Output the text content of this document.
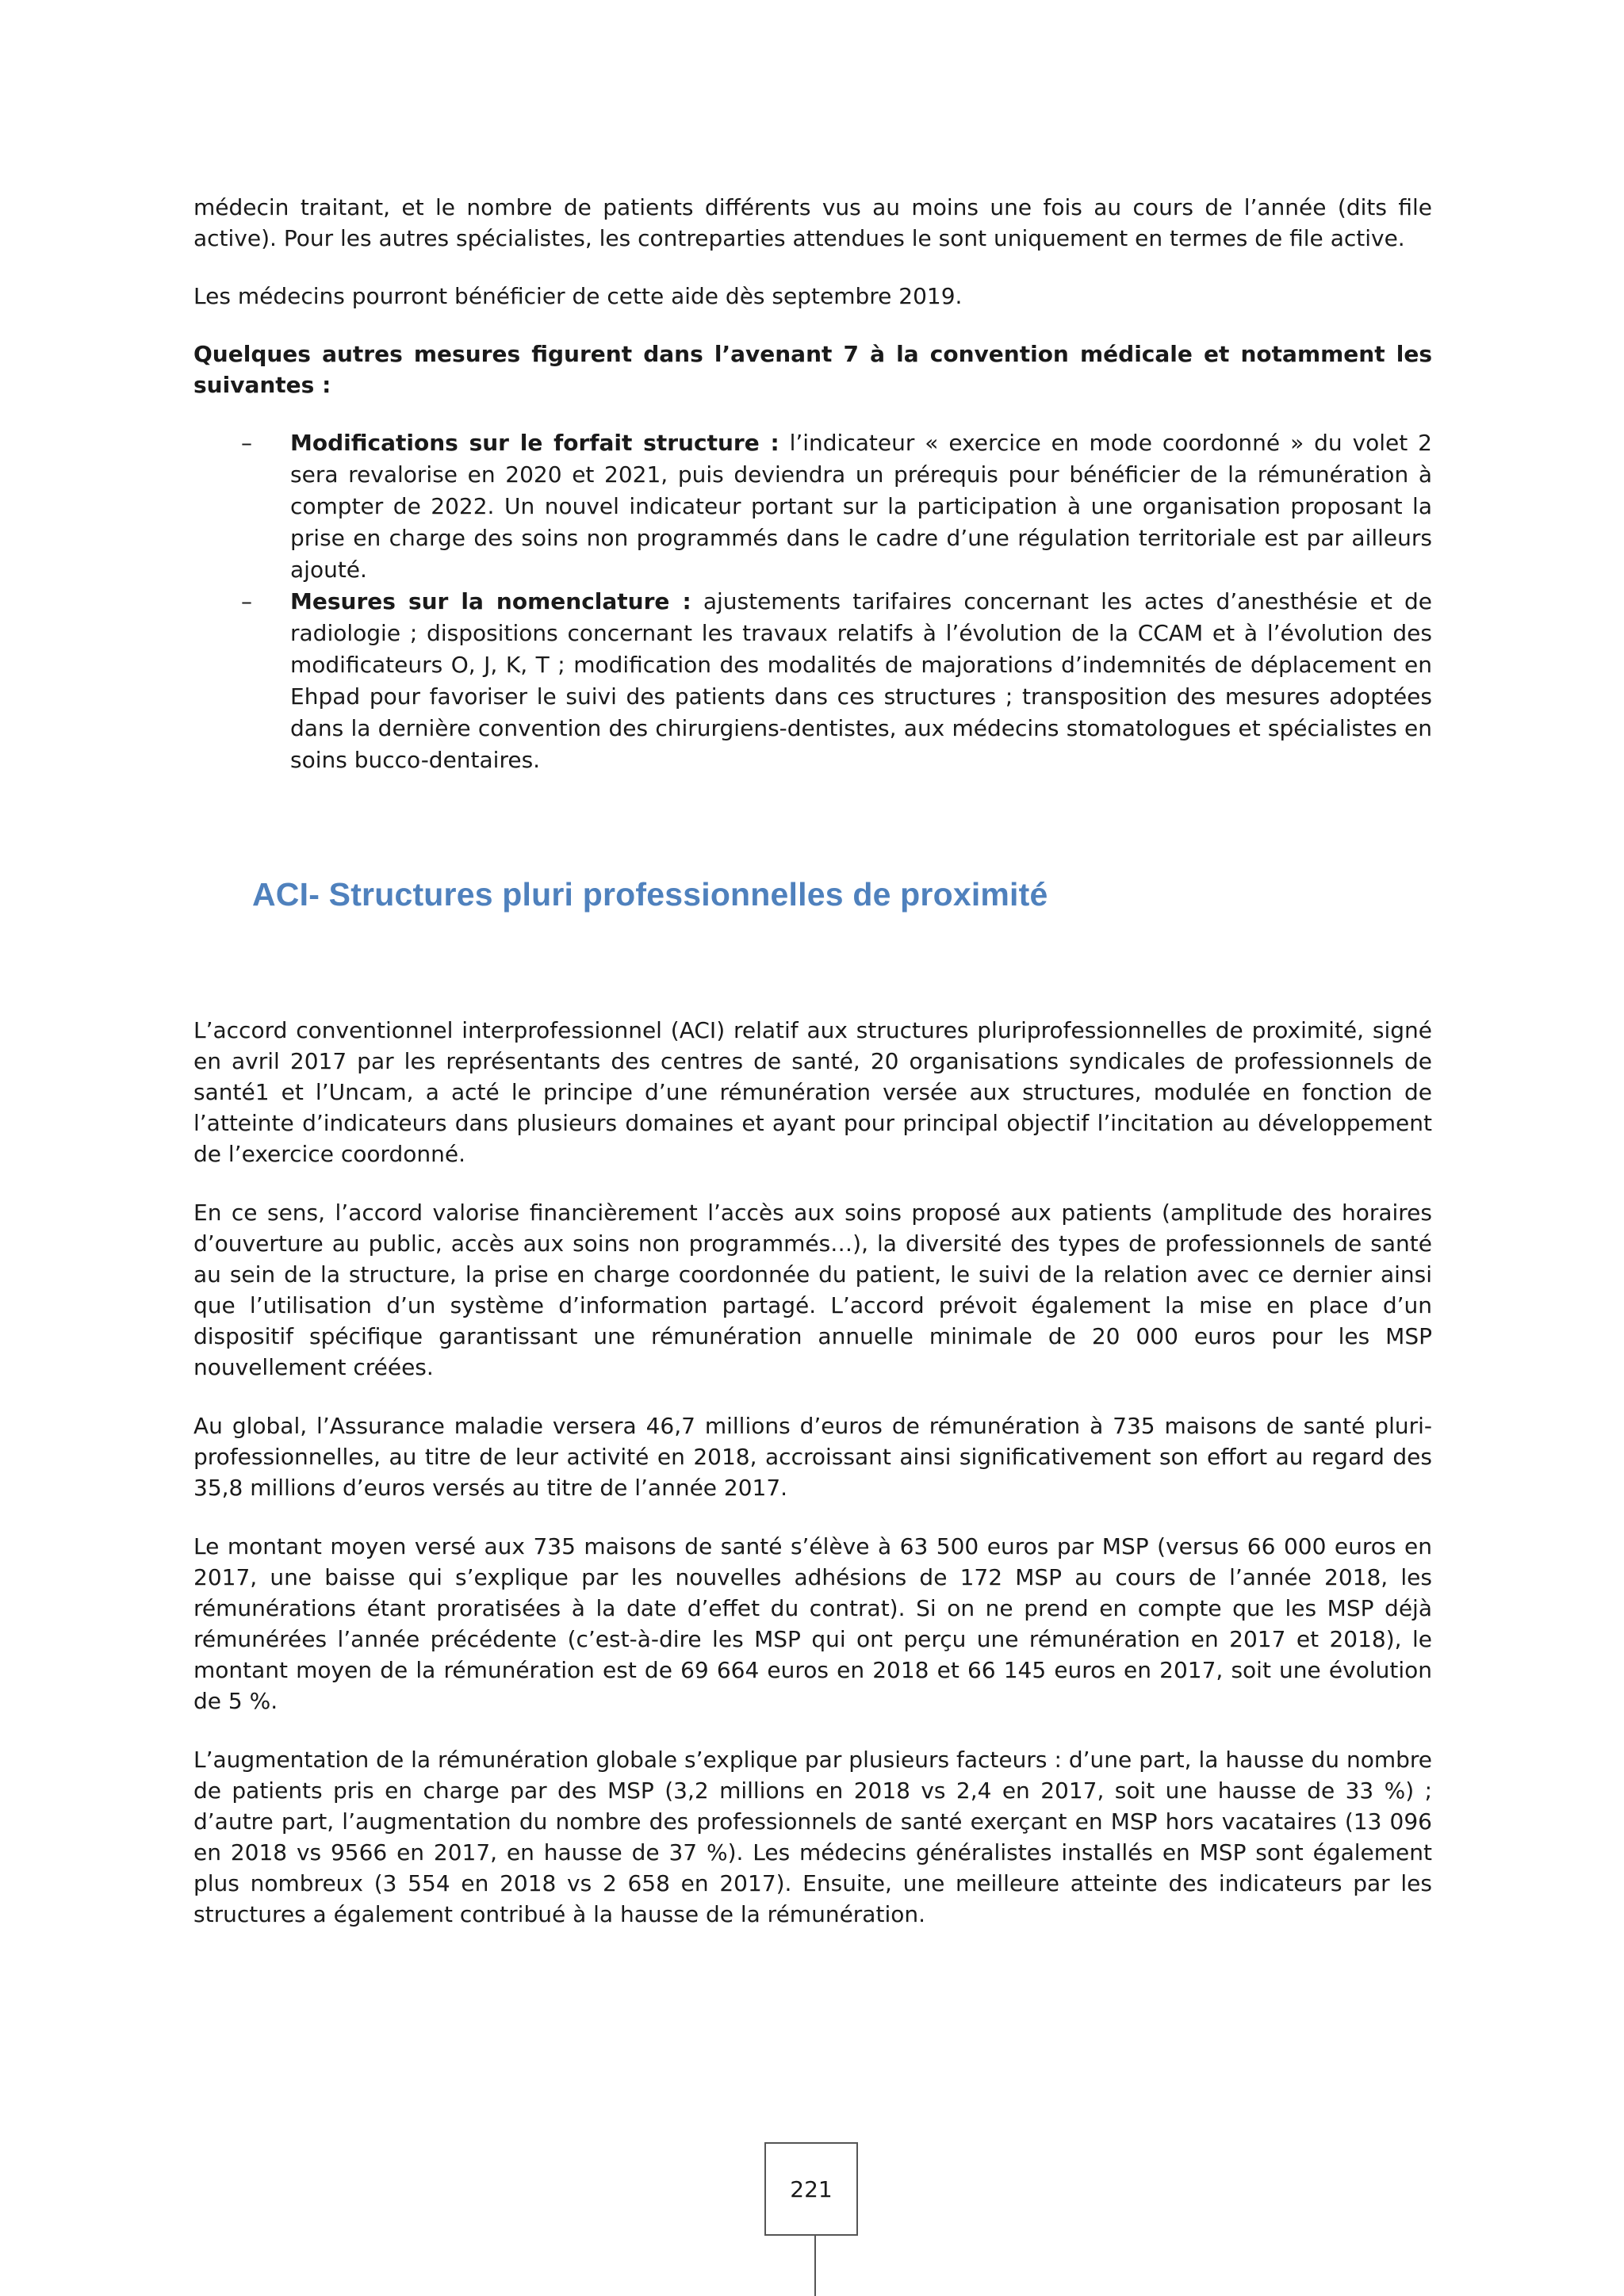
médecin traitant, et le nombre de patients différents vus au moins une fois au cours de l’année (dits file active). Pour les autres spécialistes, les contreparties attendues le sont uniquement en termes de file active.

Les médecins pourront bénéficier de cette aide dès septembre 2019.

Quelques autres mesures figurent dans l’avenant 7 à la convention médicale et notamment les suivantes :

– Modifications sur le forfait structure : l’indicateur « exercice en mode coordonné » du volet 2 sera revalorise en 2020 et 2021, puis deviendra un prérequis pour bénéficier de la rémunération à compter de 2022. Un nouvel indicateur portant sur la participation à une organisation proposant la prise en charge des soins non programmés dans le cadre d’une régulation territoriale est par ailleurs ajouté.
– Mesures sur la nomenclature : ajustements tarifaires concernant les actes d’anesthésie et de radiologie ; dispositions concernant les travaux relatifs à l’évolution de la CCAM et à l’évolution des modificateurs O, J, K, T ; modification des modalités de majorations d’indemnités de déplacement en Ehpad pour favoriser le suivi des patients dans ces structures ; transposition des mesures adoptées dans la dernière convention des chirurgiens-dentistes, aux médecins stomatologues et spécialistes en soins bucco-dentaires.
ACI- Structures pluri professionnelles de proximité

L’accord conventionnel interprofessionnel (ACI) relatif aux structures pluriprofessionnelles de proximité, signé en avril 2017 par les représentants des centres de santé, 20 organisations syndicales de professionnels de santé1 et l’Uncam, a acté le principe d’une rémunération versée aux structures, modulée en fonction de l’atteinte d’indicateurs dans plusieurs domaines et ayant pour principal objectif l’incitation au développement de l’exercice coordonné.

En ce sens, l’accord valorise financièrement l’accès aux soins proposé aux patients (amplitude des horaires d’ouverture au public, accès aux soins non programmés…), la diversité des types de professionnels de santé au sein de la structure, la prise en charge coordonnée du patient, le suivi de la relation avec ce dernier ainsi que l’utilisation d’un système d’information partagé. L’accord prévoit également la mise en place d’un dispositif spécifique garantissant une rémunération annuelle minimale de 20 000 euros pour les MSP nouvellement créées.

Au global, l’Assurance maladie versera 46,7 millions d’euros de rémunération à 735 maisons de santé pluri-professionnelles, au titre de leur activité en 2018, accroissant ainsi significativement son effort au regard des 35,8 millions d’euros versés au titre de l’année 2017.

Le montant moyen versé aux 735 maisons de santé s’élève à 63 500 euros par MSP (versus 66 000 euros en 2017, une baisse qui s’explique par les nouvelles adhésions de 172 MSP au cours de l’année 2018, les rémunérations étant proratisées à la date d’effet du contrat). Si on ne prend en compte que les MSP déjà rémunérées l’année précédente (c’est-à-dire les MSP qui ont perçu une rémunération en 2017 et 2018), le montant moyen de la rémunération est de 69 664 euros en 2018 et 66 145 euros en 2017, soit une évolution de 5 %.

L’augmentation de la rémunération globale s’explique par plusieurs facteurs : d’une part, la hausse du nombre de patients pris en charge par des MSP (3,2 millions en 2018 vs 2,4 en 2017, soit une hausse de 33 %) ; d’autre part, l’augmentation du nombre des professionnels de santé exerçant en MSP hors vacataires (13 096 en 2018 vs 9566 en 2017, en hausse de 37 %). Les médecins généralistes installés en MSP sont également plus nombreux (3 554 en 2018 vs 2 658 en 2017). Ensuite, une meilleure atteinte des indicateurs par les structures a également contribué à la hausse de la rémunération.

221
